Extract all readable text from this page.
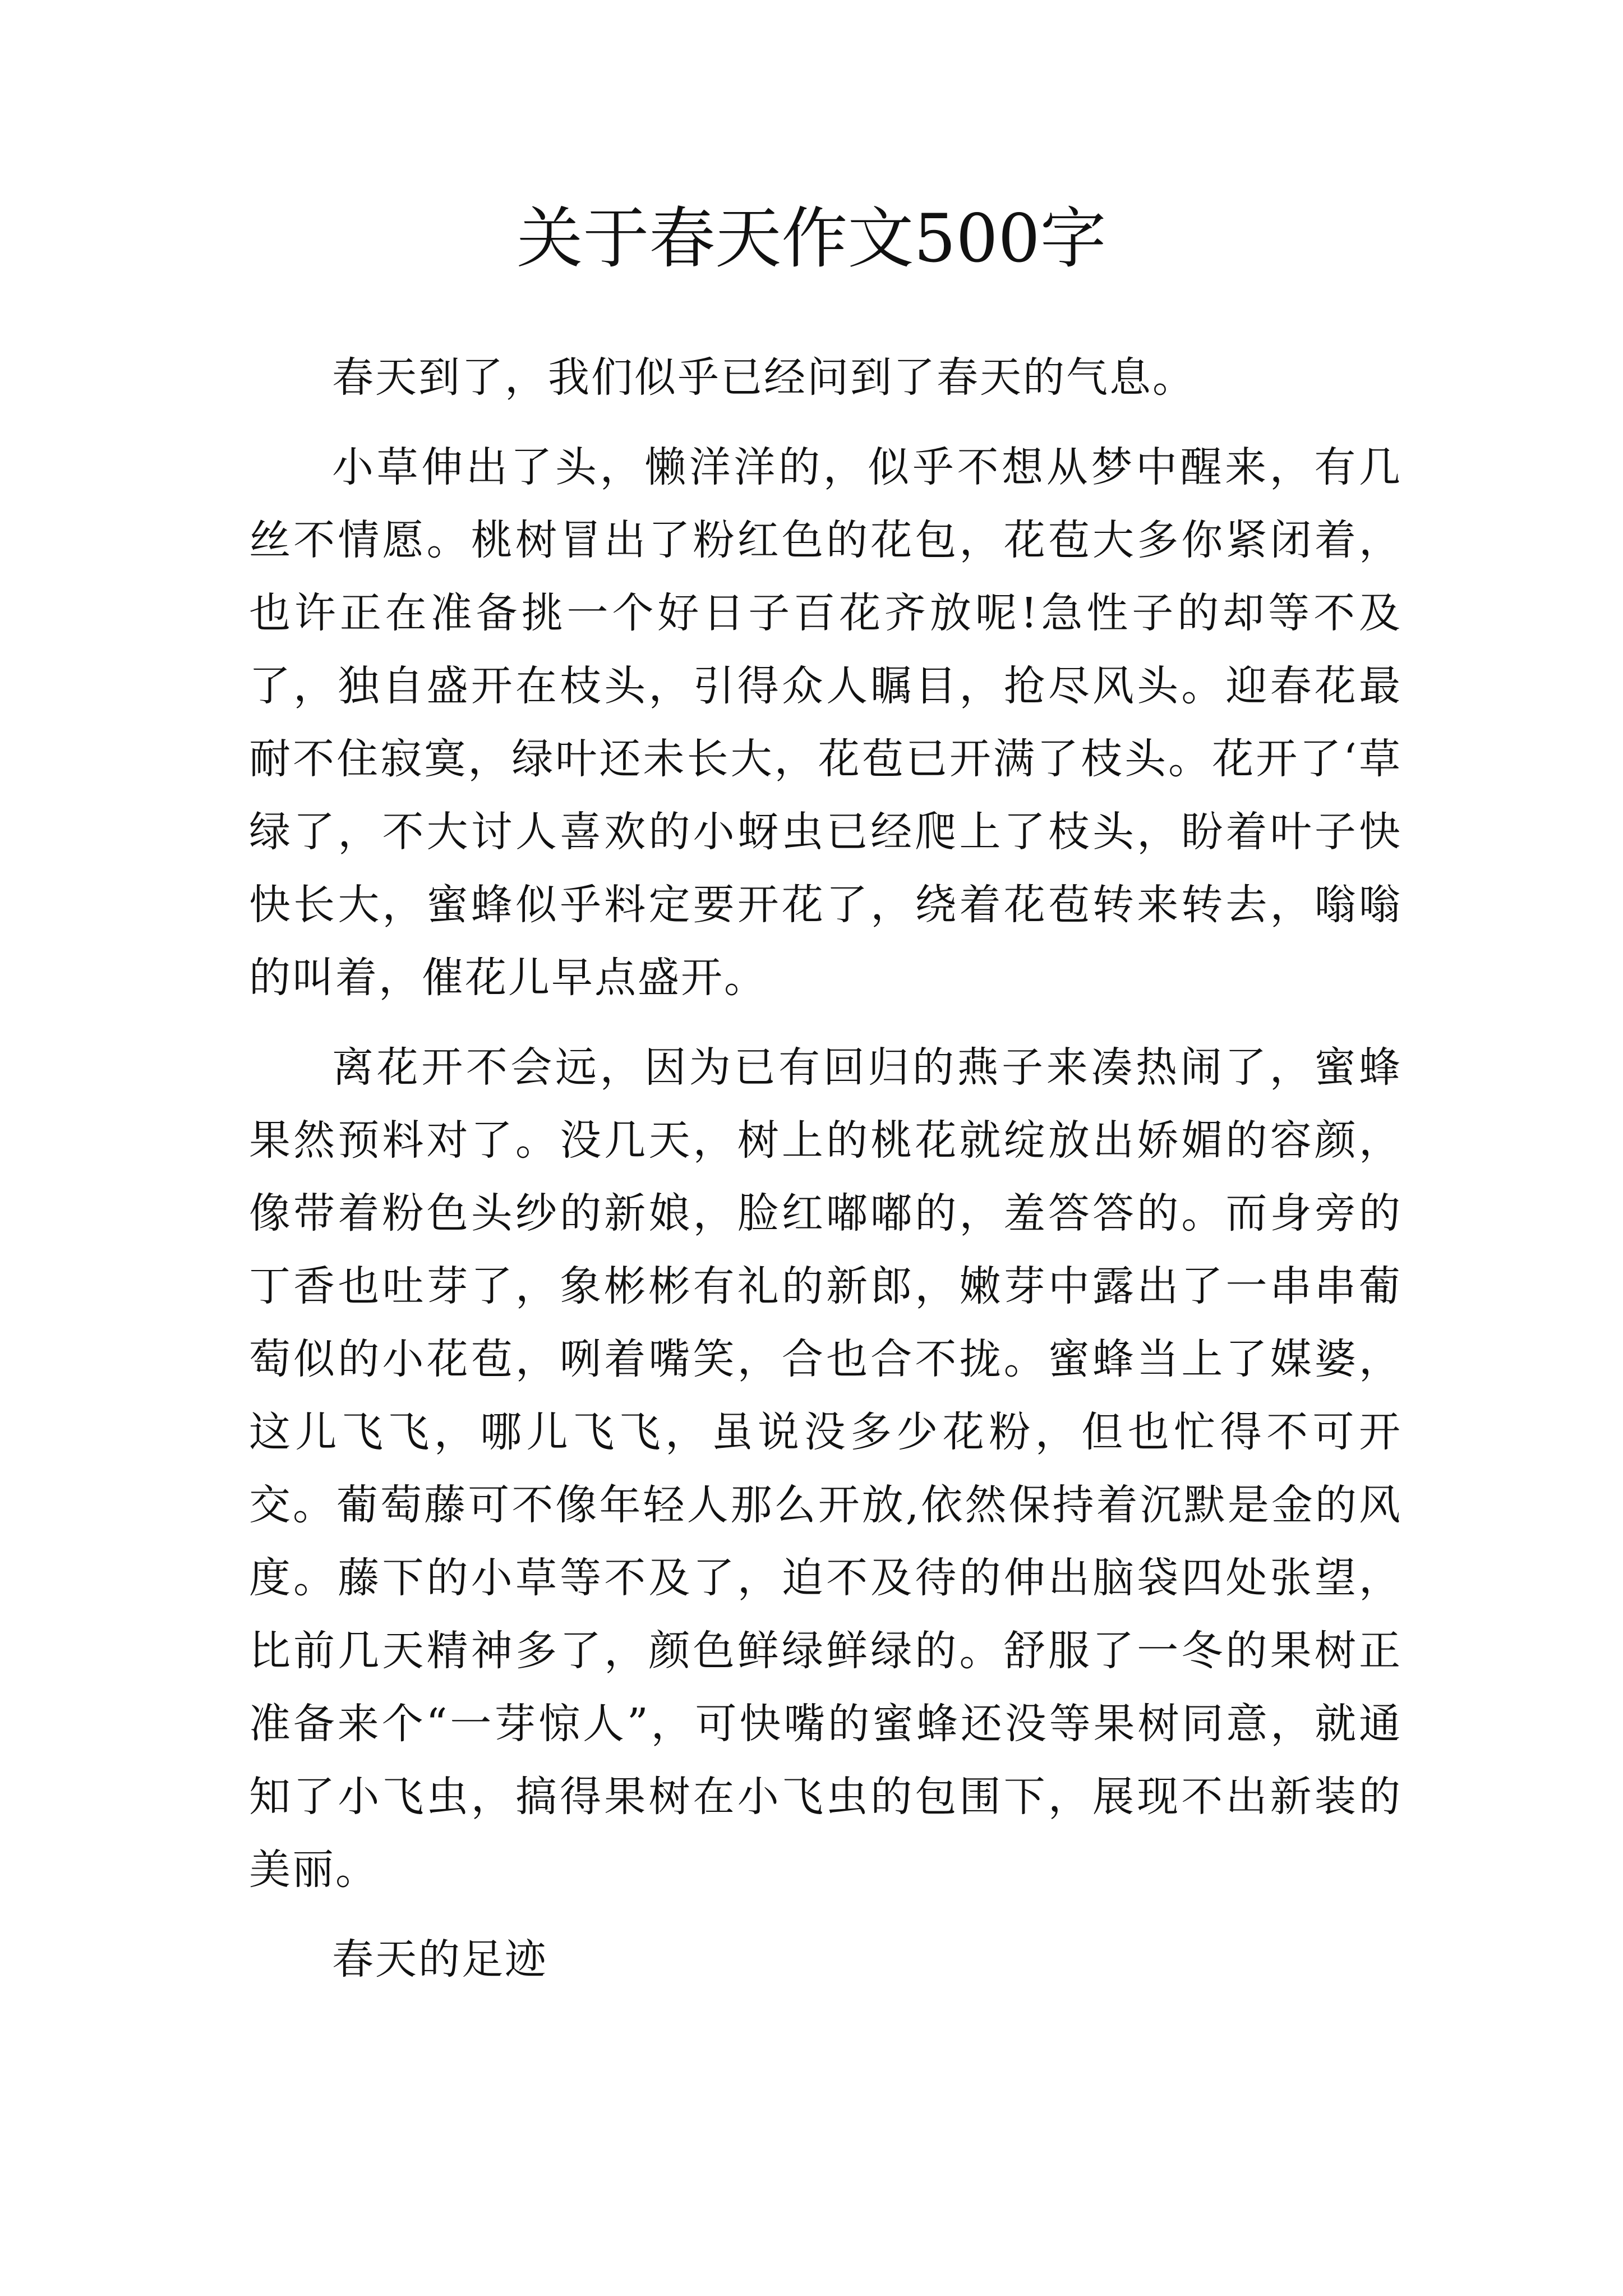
关于春天作文500字

春天到了，我们似乎已经问到了春天的气息。

小草伸出了头，懒洋洋的，似乎不想从梦中醒来，有几丝不情愿。桃树冒出了粉红色的花包，花苞大多你紧闭着，也许正在准备挑一个好日子百花齐放呢!急性子的却等不及了，独自盛开在枝头，引得众人瞩目，抢尽风头。迎春花最耐不住寂寞，绿叶还未长大，花苞已开满了枝头。花开了‘草绿了，不大讨人喜欢的小蚜虫已经爬上了枝头，盼着叶子快快长大，蜜蜂似乎料定要开花了，绕着花苞转来转去，嗡嗡的叫着，催花儿早点盛开。

离花开不会远，因为已有回归的燕子来凑热闹了，蜜蜂果然预料对了。没几天，树上的桃花就绽放出娇媚的容颜，像带着粉色头纱的新娘，脸红嘟嘟的，羞答答的。而身旁的丁香也吐芽了，象彬彬有礼的新郎，嫩芽中露出了一串串葡萄似的小花苞，咧着嘴笑，合也合不拢。蜜蜂当上了媒婆，这儿飞飞，哪儿飞飞，虽说没多少花粉，但也忙得不可开交。葡萄藤可不像年轻人那么开放,依然保持着沉默是金的风度。藤下的小草等不及了，迫不及待的伸出脑袋四处张望，比前几天精神多了，颜色鲜绿鲜绿的。舒服了一冬的果树正准备来个“一芽惊人”，可快嘴的蜜蜂还没等果树同意，就通知了小飞虫，搞得果树在小飞虫的包围下，展现不出新装的美丽。

春天的足迹
